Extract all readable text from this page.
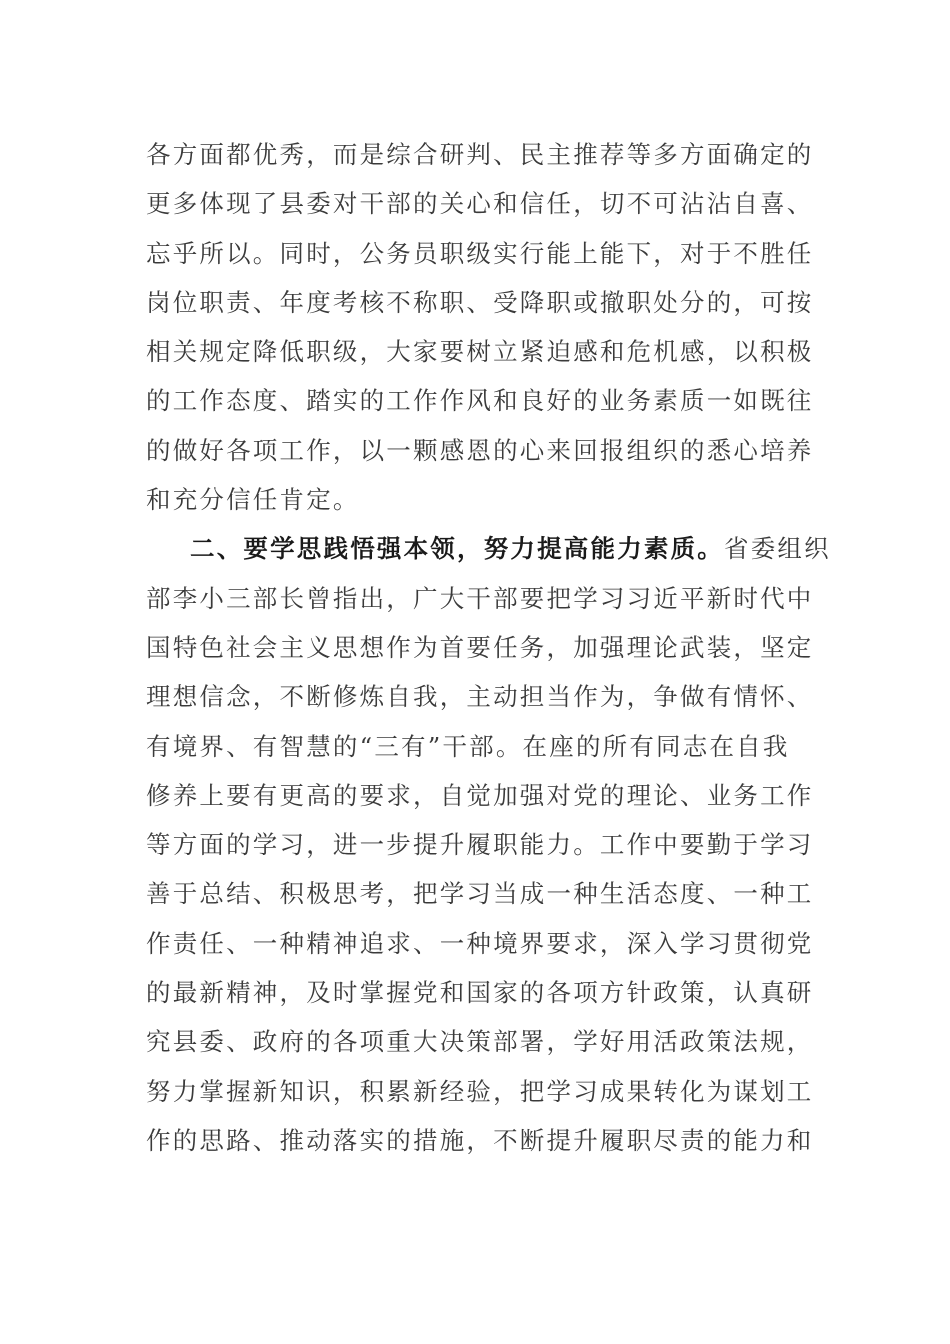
各方面都优秀，而是综合研判、民主推荐等多方面确定的
更多体现了县委对干部的关心和信任，切不可沾沾自喜、
忘乎所以。同时，公务员职级实行能上能下，对于不胜任
岗位职责、年度考核不称职、受降职或撤职处分的，可按
相关规定降低职级，大家要树立紧迫感和危机感，以积极
的工作态度、踏实的工作作风和良好的业务素质一如既往
的做好各项工作，以一颗感恩的心来回报组织的悉心培养
和充分信任肯定。
二、要学思践悟强本领，努力提高能力素质。省委组织
部李小三部长曾指出，广大干部要把学习习近平新时代中
国特色社会主义思想作为首要任务，加强理论武装，坚定
理想信念，不断修炼自我，主动担当作为，争做有情怀、
有境界、有智慧的“三有”干部。在座的所有同志在自我
修养上要有更高的要求，自觉加强对党的理论、业务工作
等方面的学习，进一步提升履职能力。工作中要勤于学习
善于总结、积极思考，把学习当成一种生活态度、一种工
作责任、一种精神追求、一种境界要求，深入学习贯彻党
的最新精神，及时掌握党和国家的各项方针政策，认真研
究县委、政府的各项重大决策部署，学好用活政策法规，
努力掌握新知识，积累新经验，把学习成果转化为谋划工
作的思路、推动落实的措施，不断提升履职尽责的能力和
